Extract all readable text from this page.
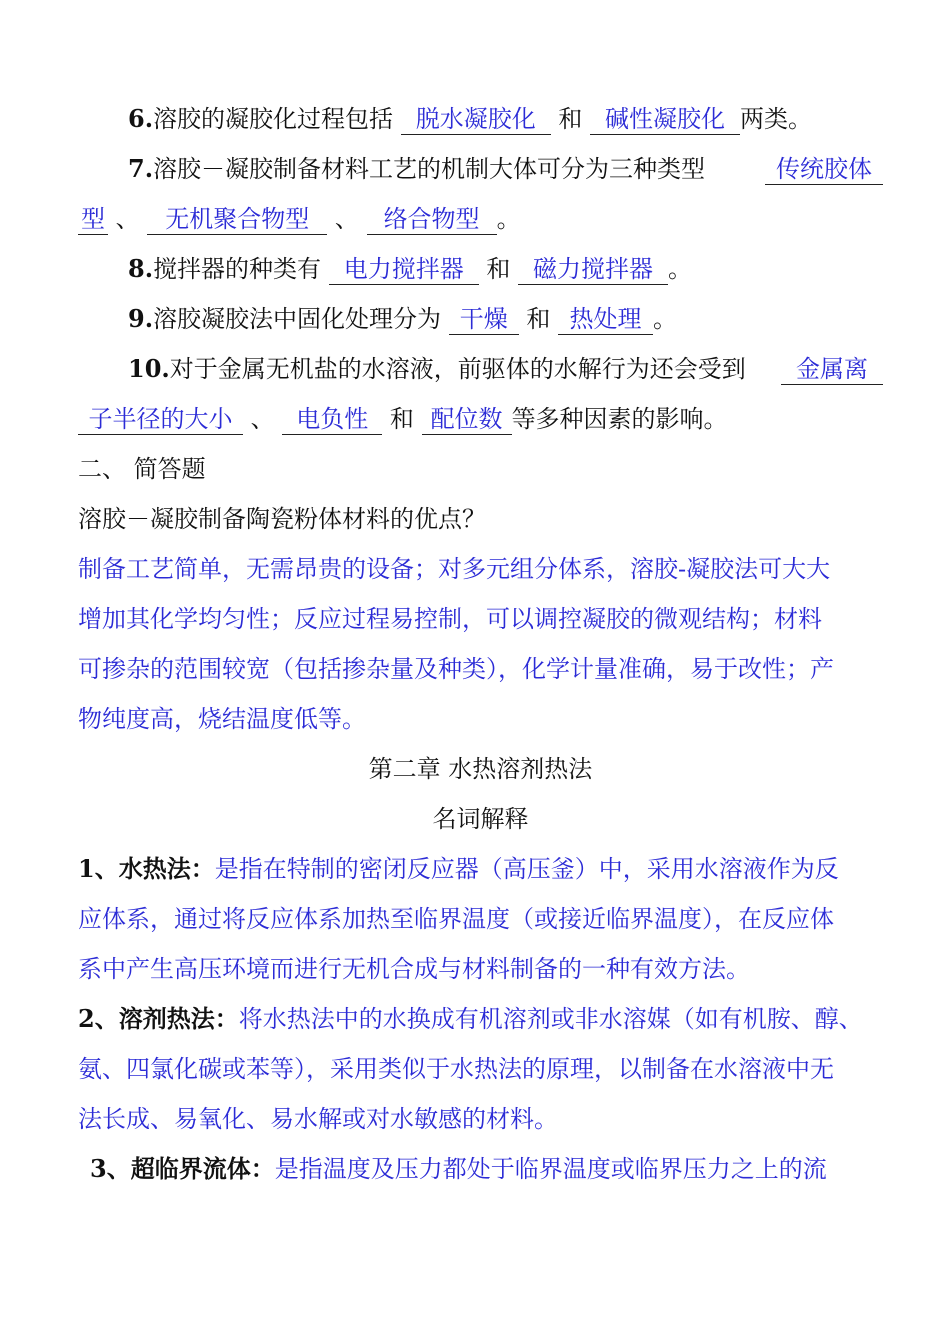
6.溶胶的凝胶化过程包括 脱水凝胶化 和 碱性凝胶化 两类。
7.溶胶－凝胶制备材料工艺的机制大体可分为三种类型	传统胶体
型 、 无机聚合物型 、 络合物型 。
8.搅拌器的种类有 电力搅拌器 和 磁力搅拌器 。
9.溶胶凝胶法中固化处理分为 干燥 和 热处理 。
10.对于金属无机盐的水溶液，前驱体的水解行为还会受到	金属离
子半径的大小 、 电负性 和 配位数 等多种因素的影响。
二、 简答题
溶胶－凝胶制备陶瓷粉体材料的优点？
制备工艺简单，无需昂贵的设备；对多元组分体系，溶胶-凝胶法可大大
增加其化学均匀性；反应过程易控制，可以调控凝胶的微观结构；材料
可掺杂的范围较宽（包括掺杂量及种类），化学计量准确，易于改性；产
物纯度高，烧结温度低等。
第二章 水热溶剂热法
名词解释
1、水热法：是指在特制的密闭反应器（高压釜）中，采用水溶液作为反
应体系，通过将反应体系加热至临界温度（或接近临界温度），在反应体
系中产生高压环境而进行无机合成与材料制备的一种有效方法。
2、溶剂热法：将水热法中的水换成有机溶剂或非水溶媒（如有机胺、醇、
氨、四氯化碳或苯等），采用类似于水热法的原理，以制备在水溶液中无
法长成、易氧化、易水解或对水敏感的材料。
3、超临界流体：是指温度及压力都处于临界温度或临界压力之上的流
